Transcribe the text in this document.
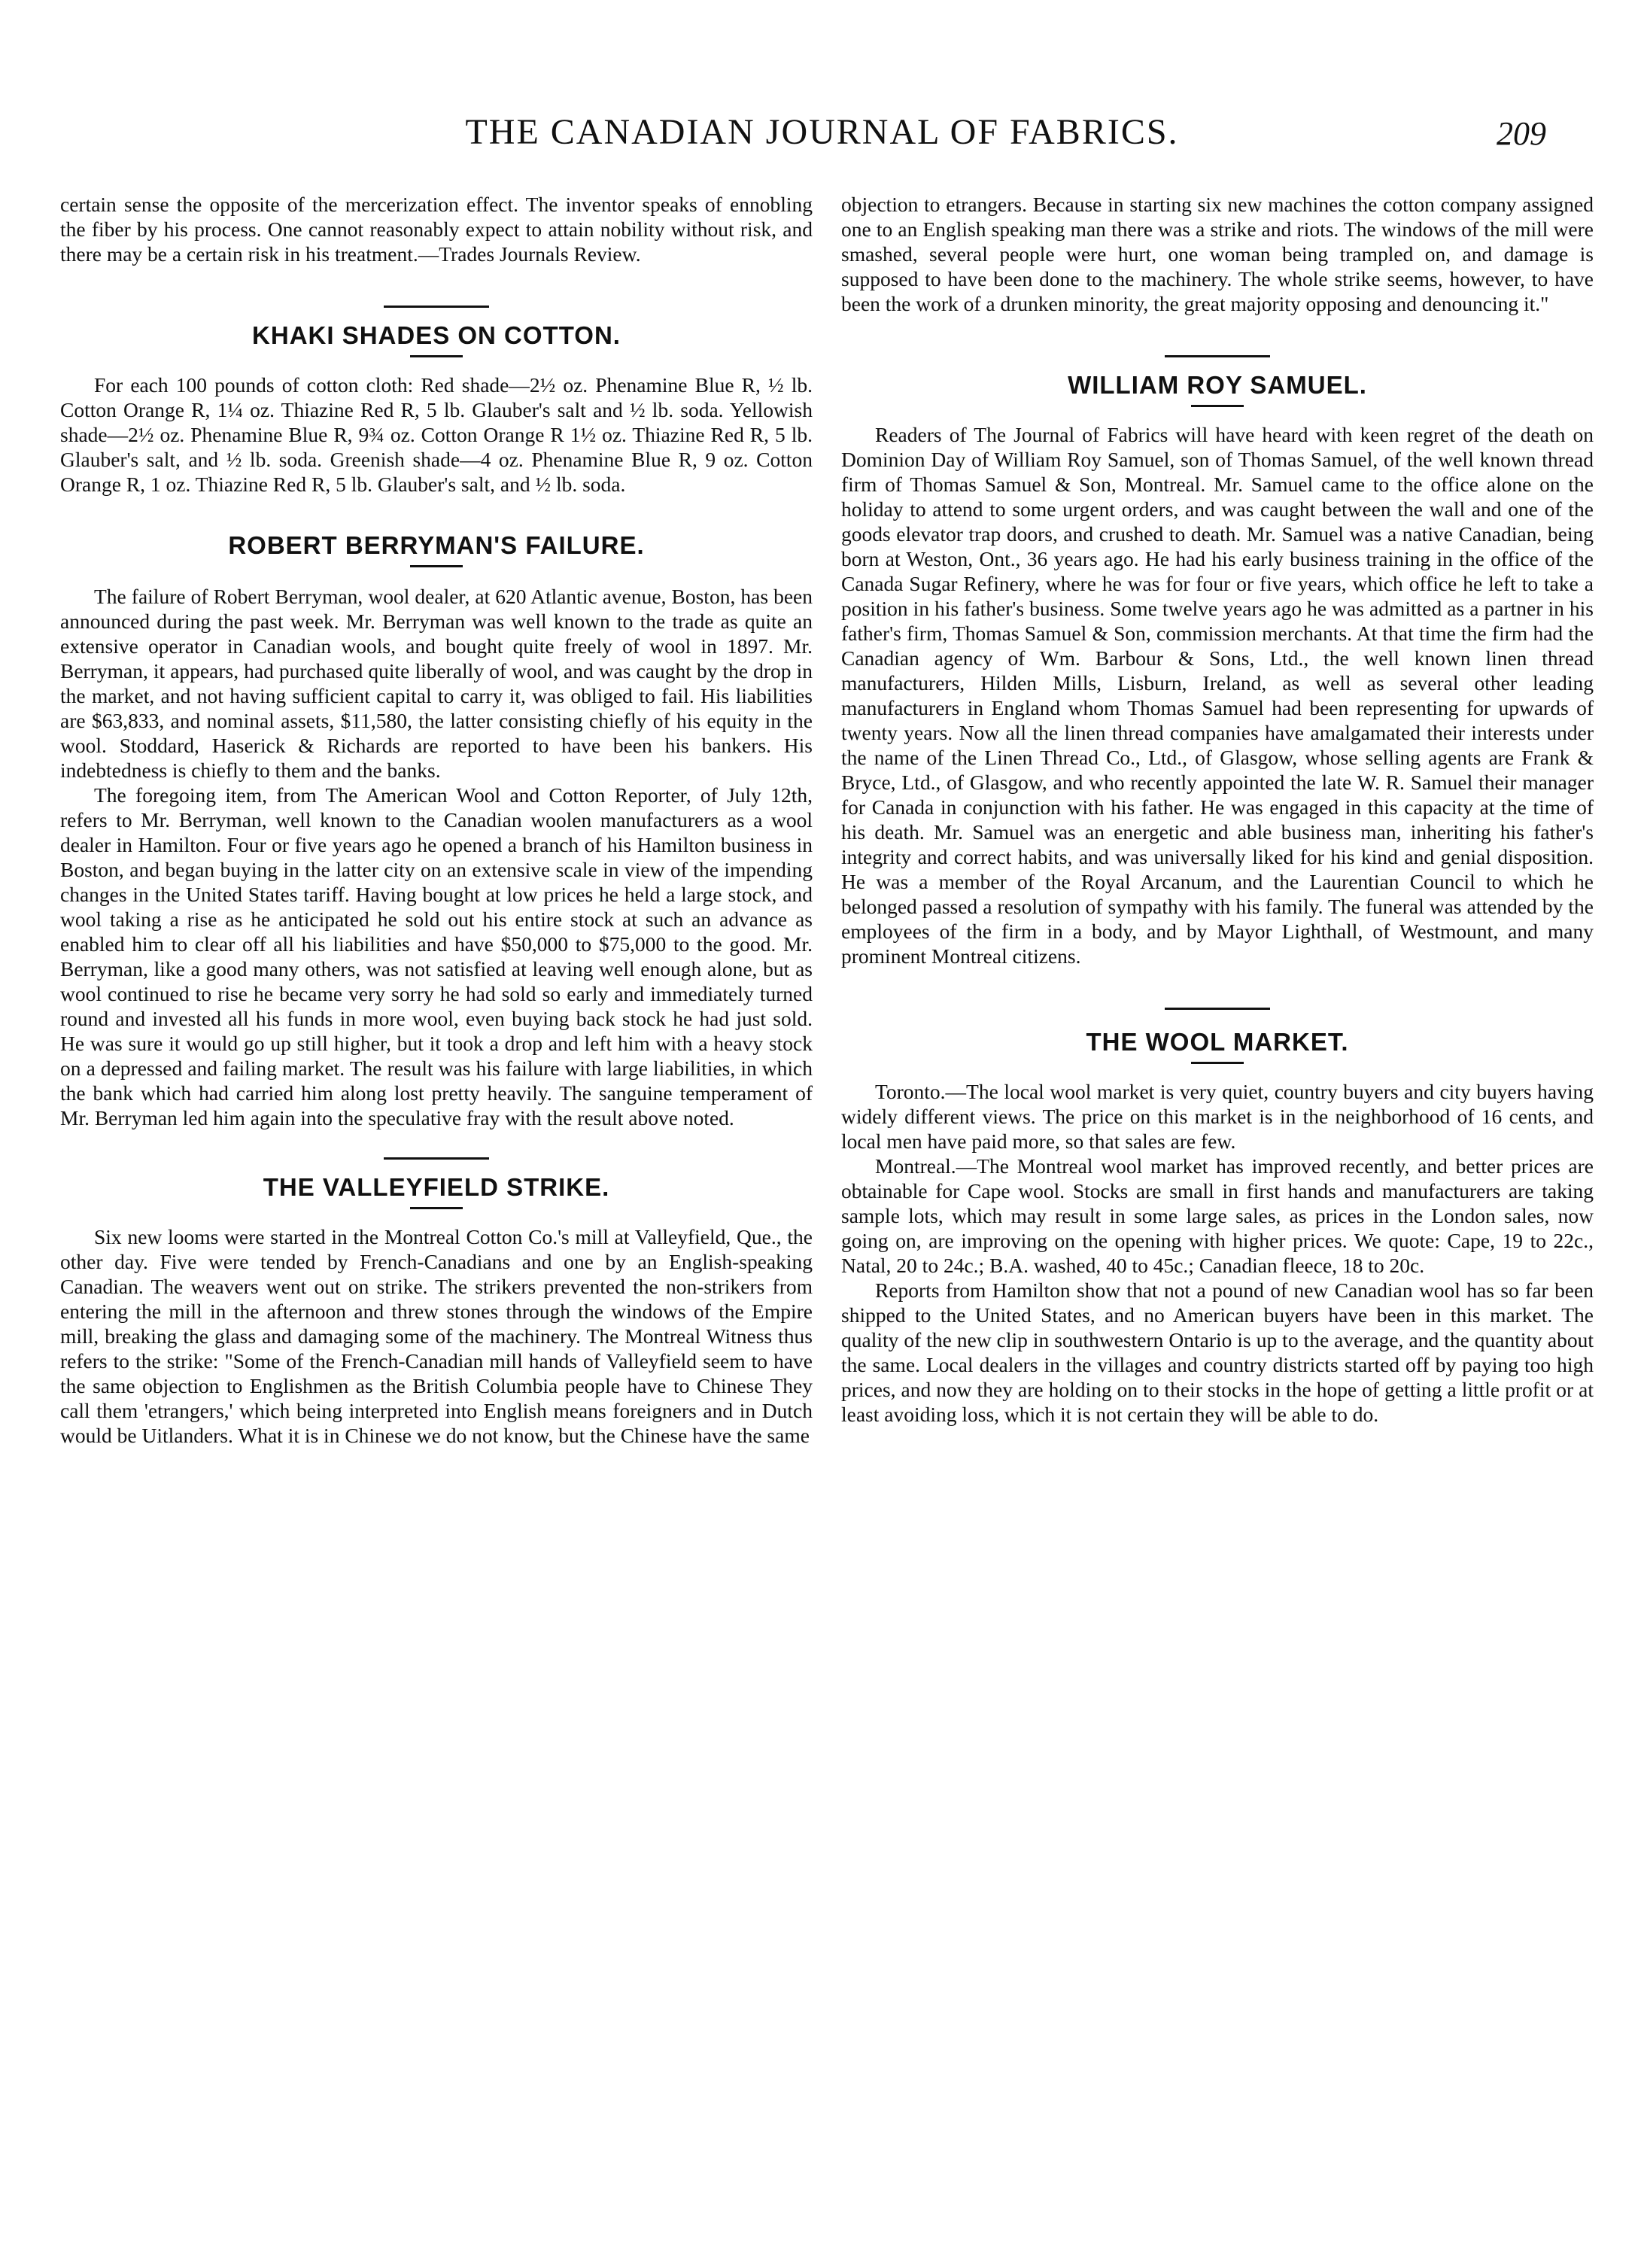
THE CANADIAN JOURNAL OF FABRICS.	209

certain sense the opposite of the mercerization effect. The inventor speaks of ennobling the fiber by his process. One cannot reasonably expect to attain nobility without risk, and there may be a certain risk in his treatment.—Trades Journals Review.

KHAKI SHADES ON COTTON.

For each 100 pounds of cotton cloth: Red shade—2½ oz. Phenamine Blue R, ½ lb. Cotton Orange R, 1¼ oz. Thiazine Red R, 5 lb. Glauber's salt and ½ lb. soda. Yellowish shade—2½ oz. Phenamine Blue R, 9¾ oz. Cotton Orange R 1½ oz. Thiazine Red R, 5 lb. Glauber's salt, and ½ lb. soda. Greenish shade—4 oz. Phenamine Blue R, 9 oz. Cotton Orange R, 1 oz. Thiazine Red R, 5 lb. Glauber's salt, and ½ lb. soda.

ROBERT BERRYMAN'S FAILURE.

The failure of Robert Berryman, wool dealer, at 620 Atlantic avenue, Boston, has been announced during the past week. Mr. Berryman was well known to the trade as quite an extensive operator in Canadian wools, and bought quite freely of wool in 1897. Mr. Berryman, it appears, had purchased quite liberally of wool, and was caught by the drop in the market, and not having sufficient capital to carry it, was obliged to fail. His liabilities are $63,833, and nominal assets, $11,580, the latter consisting chiefly of his equity in the wool. Stoddard, Haserick & Richards are reported to have been his bankers. His indebtedness is chiefly to them and the banks.

The foregoing item, from The American Wool and Cotton Reporter, of July 12th, refers to Mr. Berryman, well known to the Canadian woolen manufacturers as a wool dealer in Hamilton. Four or five years ago he opened a branch of his Hamilton business in Boston, and began buying in the latter city on an extensive scale in view of the impending changes in the United States tariff. Having bought at low prices he held a large stock, and wool taking a rise as he anticipated he sold out his entire stock at such an advance as enabled him to clear off all his liabilities and have $50,000 to $75,000 to the good. Mr. Berryman, like a good many others, was not satisfied at leaving well enough alone, but as wool continued to rise he became very sorry he had sold so early and immediately turned round and invested all his funds in more wool, even buying back stock he had just sold. He was sure it would go up still higher, but it took a drop and left him with a heavy stock on a depressed and failing market. The result was his failure with large liabilities, in which the bank which had carried him along lost pretty heavily. The sanguine temperament of Mr. Berryman led him again into the speculative fray with the result above noted.

THE VALLEYFIELD STRIKE.

Six new looms were started in the Montreal Cotton Co.'s mill at Valleyfield, Que., the other day. Five were tended by French-Canadians and one by an English-speaking Canadian. The weavers went out on strike. The strikers prevented the non-strikers from entering the mill in the afternoon and threw stones through the windows of the Empire mill, breaking the glass and damaging some of the machinery. The Montreal Witness thus refers to the strike: "Some of the French-Canadian mill hands of Valleyfield seem to have the same objection to Englishmen as the British Columbia people have to Chinese They call them 'etrangers,' which being interpreted into English means foreigners and in Dutch would be Uitlanders. What it is in Chinese we do not know, but the Chinese have the same

objection to etrangers. Because in starting six new machines the cotton company assigned one to an English speaking man there was a strike and riots. The windows of the mill were smashed, several people were hurt, one woman being trampled on, and damage is supposed to have been done to the machinery. The whole strike seems, however, to have been the work of a drunken minority, the great majority opposing and denouncing it."

WILLIAM ROY SAMUEL.

Readers of The Journal of Fabrics will have heard with keen regret of the death on Dominion Day of William Roy Samuel, son of Thomas Samuel, of the well known thread firm of Thomas Samuel & Son, Montreal. Mr. Samuel came to the office alone on the holiday to attend to some urgent orders, and was caught between the wall and one of the goods elevator trap doors, and crushed to death. Mr. Samuel was a native Canadian, being born at Weston, Ont., 36 years ago. He had his early business training in the office of the Canada Sugar Refinery, where he was for four or five years, which office he left to take a position in his father's business. Some twelve years ago he was admitted as a partner in his father's firm, Thomas Samuel & Son, commission merchants. At that time the firm had the Canadian agency of Wm. Barbour & Sons, Ltd., the well known linen thread manufacturers, Hilden Mills, Lisburn, Ireland, as well as several other leading manufacturers in England whom Thomas Samuel had been representing for upwards of twenty years. Now all the linen thread companies have amalgamated their interests under the name of the Linen Thread Co., Ltd., of Glasgow, whose selling agents are Frank & Bryce, Ltd., of Glasgow, and who recently appointed the late W. R. Samuel their manager for Canada in conjunction with his father. He was engaged in this capacity at the time of his death. Mr. Samuel was an energetic and able business man, inheriting his father's integrity and correct habits, and was universally liked for his kind and genial disposition. He was a member of the Royal Arcanum, and the Laurentian Council to which he belonged passed a resolution of sympathy with his family. The funeral was attended by the employees of the firm in a body, and by Mayor Lighthall, of Westmount, and many prominent Montreal citizens.

THE WOOL MARKET.

Toronto.—The local wool market is very quiet, country buyers and city buyers having widely different views. The price on this market is in the neighborhood of 16 cents, and local men have paid more, so that sales are few.

Montreal.—The Montreal wool market has improved recently, and better prices are obtainable for Cape wool. Stocks are small in first hands and manufacturers are taking sample lots, which may result in some large sales, as prices in the London sales, now going on, are improving on the opening with higher prices. We quote: Cape, 19 to 22c., Natal, 20 to 24c.; B.A. washed, 40 to 45c.; Canadian fleece, 18 to 20c.

Reports from Hamilton show that not a pound of new Canadian wool has so far been shipped to the United States, and no American buyers have been in this market. The quality of the new clip in southwestern Ontario is up to the average, and the quantity about the same. Local dealers in the villages and country districts started off by paying too high prices, and now they are holding on to their stocks in the hope of getting a little profit or at least avoiding loss, which it is not certain they will be able to do.
